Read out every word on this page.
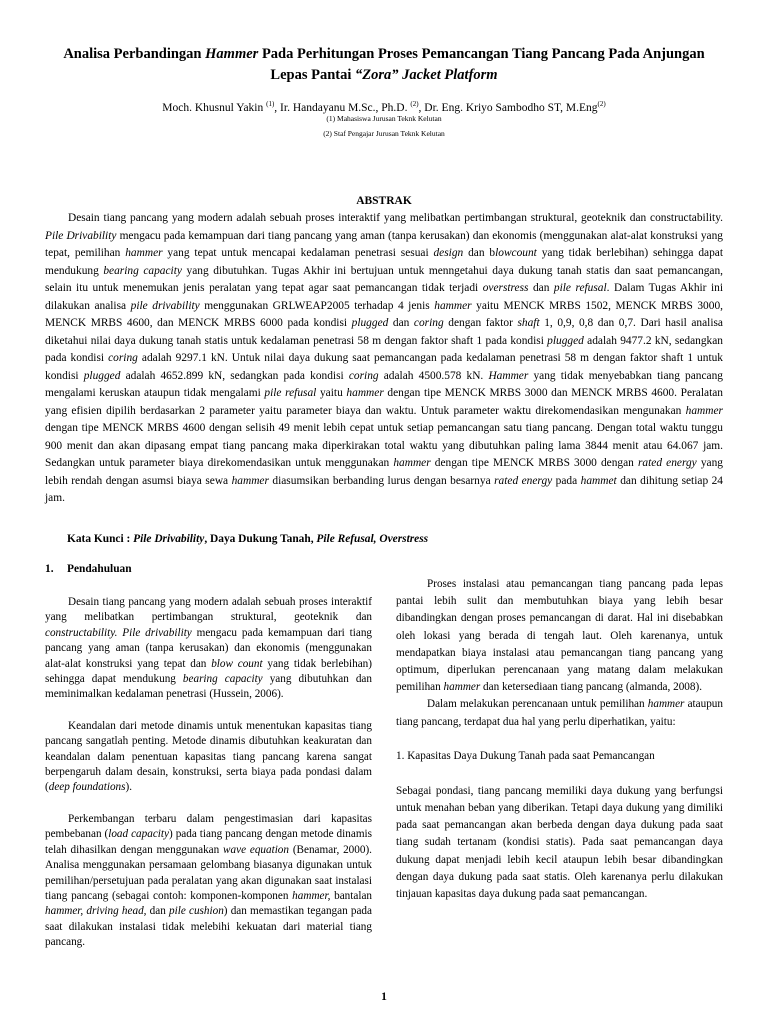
Analisa Perbandingan Hammer Pada Perhitungan Proses Pemancangan Tiang Pancang Pada Anjungan
Lepas Pantai “Zora” Jacket Platform
Moch. Khusnul Yakin $^{(1)}$, Ir. Handayanu M.Sc., Ph.D. $^{(2)}$, Dr. Eng. Kriyo Sambodho ST, M.Eng$^{(2)}$
(1) Mahasiswa Jurusan Teknk Kelutan
(2) Staf Pengajar Jurusan Teknk Kelutan
ABSTRAK

Desain tiang pancang yang modern adalah sebuah proses interaktif yang melibatkan pertimbangan struktural, geoteknik dan constructability. Pile Drivability mengacu pada kemampuan dari tiang pancang yang aman (tanpa kerusakan) dan ekonomis (menggunakan alat-alat konstruksi yang tepat, pemilihan hammer yang tepat untuk mencapai kedalaman penetrasi sesuai design dan blowcount yang tidak berlebihan) sehingga dapat mendukung bearing capacity yang dibutuhkan. Tugas Akhir ini bertujuan untuk menngetahui daya dukung tanah statis dan saat pemancangan, selain itu untuk menemukan jenis peralatan yang tepat agar saat pemancangan tidak terjadi overstress dan pile refusal. Dalam Tugas Akhir ini dilakukan analisa pile drivability menggunakan GRLWEAP2005 terhadap 4 jenis hammer yaitu MENCK MRBS 1502, MENCK MRBS 3000, MENCK MRBS 4600, dan MENCK MRBS 6000 pada kondisi plugged dan coring dengan faktor shaft 1, 0,9, 0,8 dan 0,7. Dari hasil analisa diketahui nilai daya dukung tanah statis untuk kedalaman penetrasi 58 m dengan faktor shaft 1 pada kondisi plugged adalah 9477.2 kN, sedangkan pada kondisi coring adalah 9297.1 kN. Untuk nilai daya dukung saat pemancangan pada kedalaman penetrasi 58 m dengan faktor shaft 1 untuk kondisi plugged adalah 4652.899 kN, sedangkan pada kondisi coring adalah 4500.578 kN. Hammer yang tidak menyebabkan tiang pancang mengalami keruskan ataupun tidak mengalami pile refusal yaitu hammer dengan tipe MENCK MRBS 3000 dan MENCK MRBS 4600. Peralatan yang efisien dipilih berdasarkan 2 parameter yaitu parameter biaya dan waktu. Untuk parameter waktu direkomendasikan mengunakan hammer dengan tipe MENCK MRBS 4600 dengan selisih 49 menit lebih cepat untuk setiap pemancangan satu tiang pancang. Dengan total waktu tunggu 900 menit dan akan dipasang empat tiang pancang maka diperkirakan total waktu yang dibutuhkan paling lama 3844 menit atau 64.067 jam. Sedangkan untuk parameter biaya direkomendasikan untuk menggunakan hammer dengan tipe MENCK MRBS 3000 dengan rated energy yang lebih rendah dengan asumsi biaya sewa hammer diasumsikan berbanding lurus dengan besarnya rated energy pada hammet dan dihitung setiap 24 jam.

Kata Kunci : Pile Drivability, Daya Dukung Tanah, Pile Refusal, Overstress
1. Pendahuluan

Desain tiang pancang yang modern adalah sebuah proses interaktif yang melibatkan pertimbangan struktural, geoteknik dan constructability. Pile drivability mengacu pada kemampuan dari tiang pancang yang aman (tanpa kerusakan) dan ekonomis (menggunakan alat-alat konstruksi yang tepat dan blow count yang tidak berlebihan) sehingga dapat mendukung bearing capacity yang dibutuhkan dan meminimalkan kedalaman penetrasi (Hussein, 2006).

Keandalan dari metode dinamis untuk menentukan kapasitas tiang pancang sangatlah penting. Metode dinamis dibutuhkan keakuratan dan keandalan dalam penentuan kapasitas tiang pancang karena sangat berpengaruh dalam desain, konstruksi, serta biaya pada pondasi dalam (deep foundations).

Perkembangan terbaru dalam pengestimasian dari kapasitas pembebanan (load capacity) pada tiang pancang dengan metode dinamis telah dihasilkan dengan menggunakan wave equation (Benamar, 2000). Analisa menggunakan persamaan gelombang biasanya digunakan untuk pemilihan/persetujuan pada peralatan yang akan digunakan saat instalasi tiang pancang (sebagai contoh: komponen-komponen hammer, bantalan hammer, driving head, dan pile cushion) dan memastikan tegangan pada saat dilakukan instalasi tidak melebihi kekuatan dari material tiang pancang.

Proses instalasi atau pemancangan tiang pancang pada lepas pantai lebih sulit dan membutuhkan biaya yang lebih besar dibandingkan dengan proses pemancangan di darat. Hal ini disebabkan oleh lokasi yang berada di tengah laut. Oleh karenanya, untuk mendapatkan biaya instalasi atau pemancangan tiang pancang yang optimum, diperlukan perencanaan yang matang dalam melakukan pemilihan hammer dan ketersediaan tiang pancang (almanda, 2008).

Dalam melakukan perencanaan untuk pemilihan hammer ataupun tiang pancang, terdapat dua hal yang perlu diperhatikan, yaitu:

1. Kapasitas Daya Dukung Tanah pada saat Pemancangan

Sebagai pondasi, tiang pancang memiliki daya dukung yang berfungsi untuk menahan beban yang diberikan. Tetapi daya dukung yang dimiliki pada saat pemancangan akan berbeda dengan daya dukung pada saat tiang sudah tertanam (kondisi statis). Pada saat pemancangan daya dukung dapat menjadi lebih kecil ataupun lebih besar dibandingkan dengan daya dukung pada saat statis. Oleh karenanya perlu dilakukan tinjauan kapasitas daya dukung pada saat pemancangan.

1
